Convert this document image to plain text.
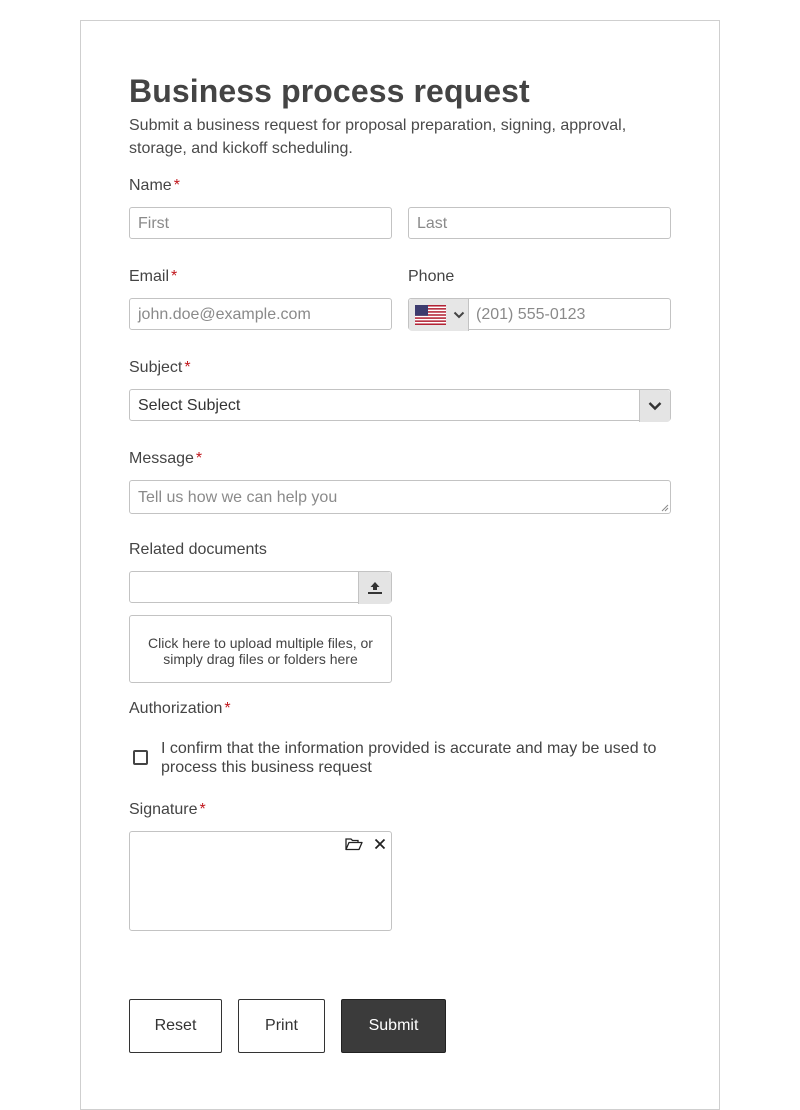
Business process request
Submit a business request for proposal preparation, signing, approval, storage, and kickoff scheduling.
Name *
First	Last
Email *
john.doe@example.com
Phone
(201) 555-0123
Subject *
Select Subject
Message *
Tell us how we can help you
Related documents
Click here to upload multiple files, or simply drag files or folders here
Authorization *
I confirm that the information provided is accurate and may be used to process this business request
Signature *
Reset	Print	Submit
